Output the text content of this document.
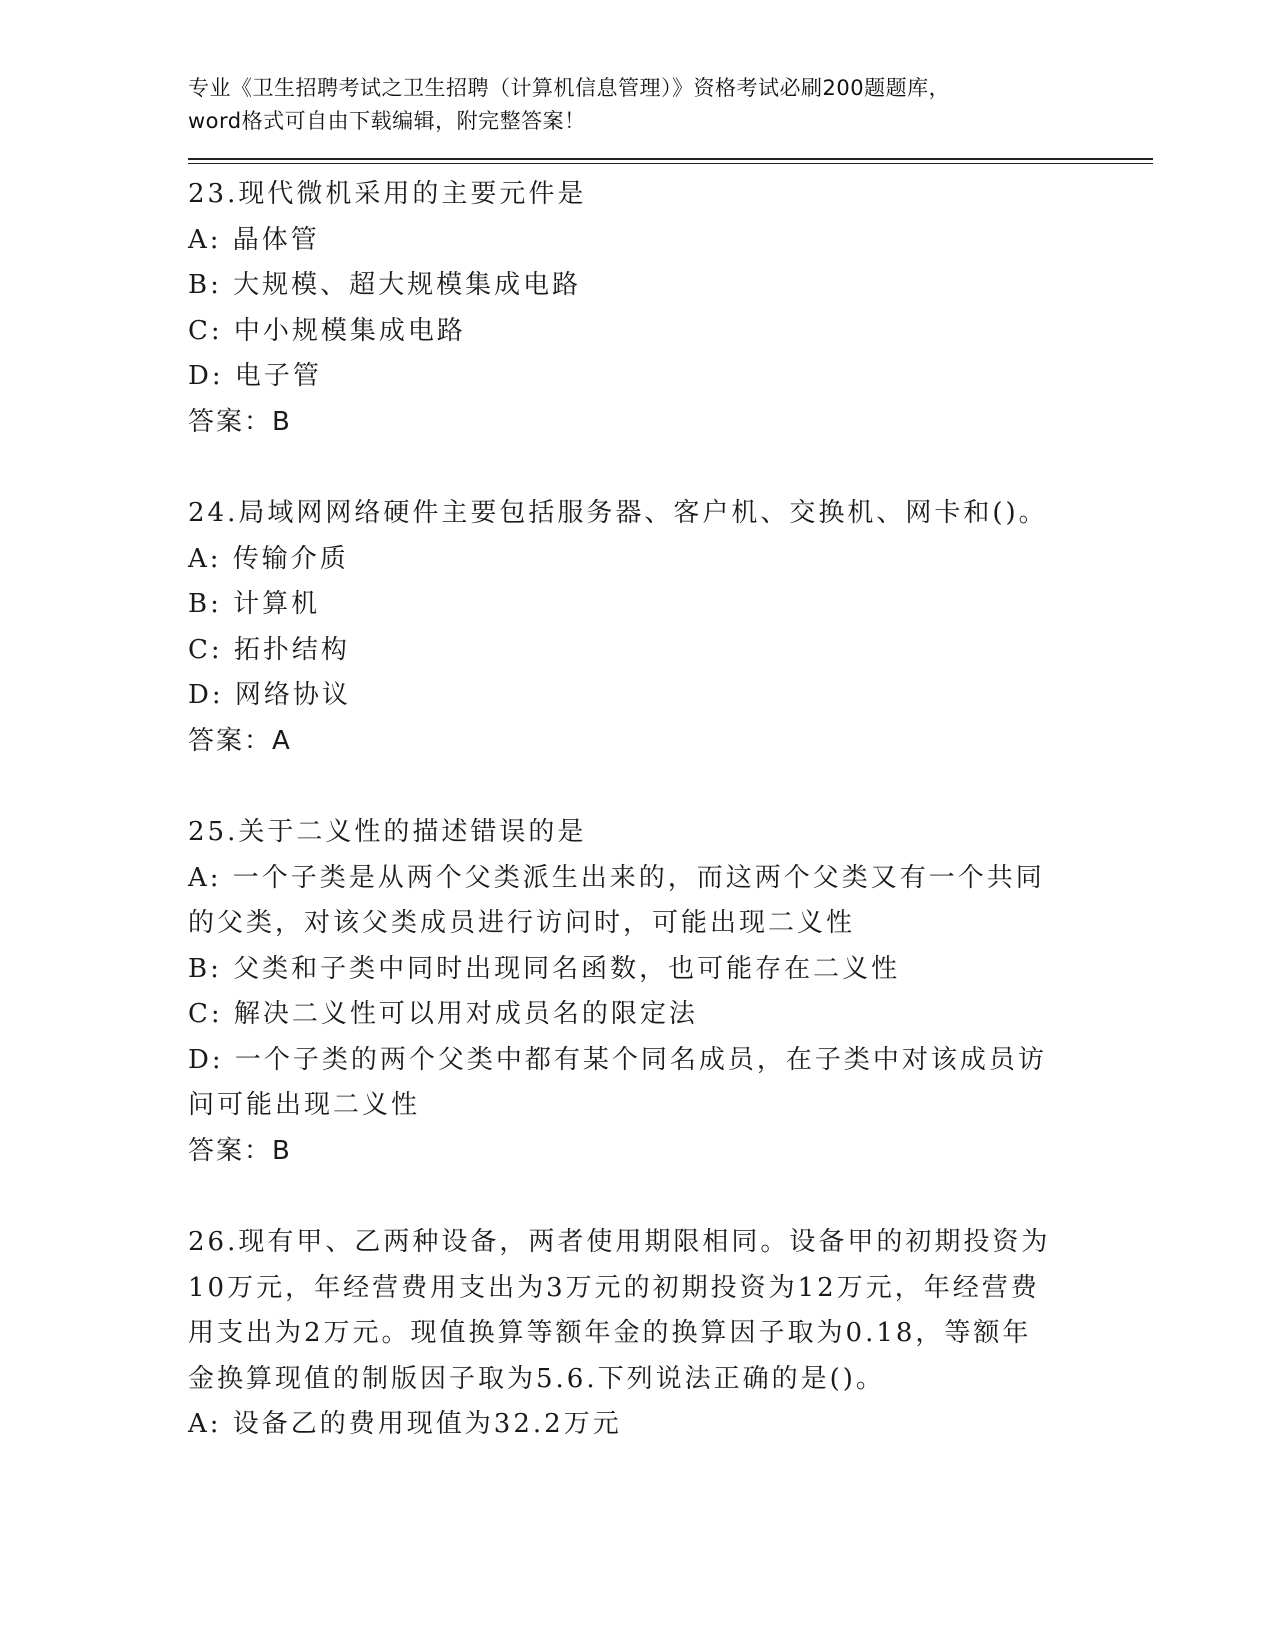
专业《卫生招聘考试之卫生招聘（计算机信息管理）》资格考试必刷200题题库，
word格式可自由下载编辑，附完整答案！
23.现代微机采用的主要元件是
A: 晶体管
B: 大规模、超大规模集成电路
C: 中小规模集成电路
D: 电子管
答案：B
24.局域网网络硬件主要包括服务器、客户机、交换机、网卡和()。
A: 传输介质
B: 计算机
C: 拓扑结构
D: 网络协议
答案：A
25.关于二义性的描述错误的是
A: 一个子类是从两个父类派生出来的，而这两个父类又有一个共同的父类，对该父类成员进行访问时，可能出现二义性
B: 父类和子类中同时出现同名函数，也可能存在二义性
C: 解决二义性可以用对成员名的限定法
D: 一个子类的两个父类中都有某个同名成员，在子类中对该成员访问可能出现二义性
答案：B
26.现有甲、乙两种设备，两者使用期限相同。设备甲的初期投资为10万元，年经营费用支出为3万元的初期投资为12万元，年经营费用支出为2万元。现值换算等额年金的换算因子取为0.18，等额年金换算现值的制版因子取为5.6.下列说法正确的是()。
A: 设备乙的费用现值为32.2万元
